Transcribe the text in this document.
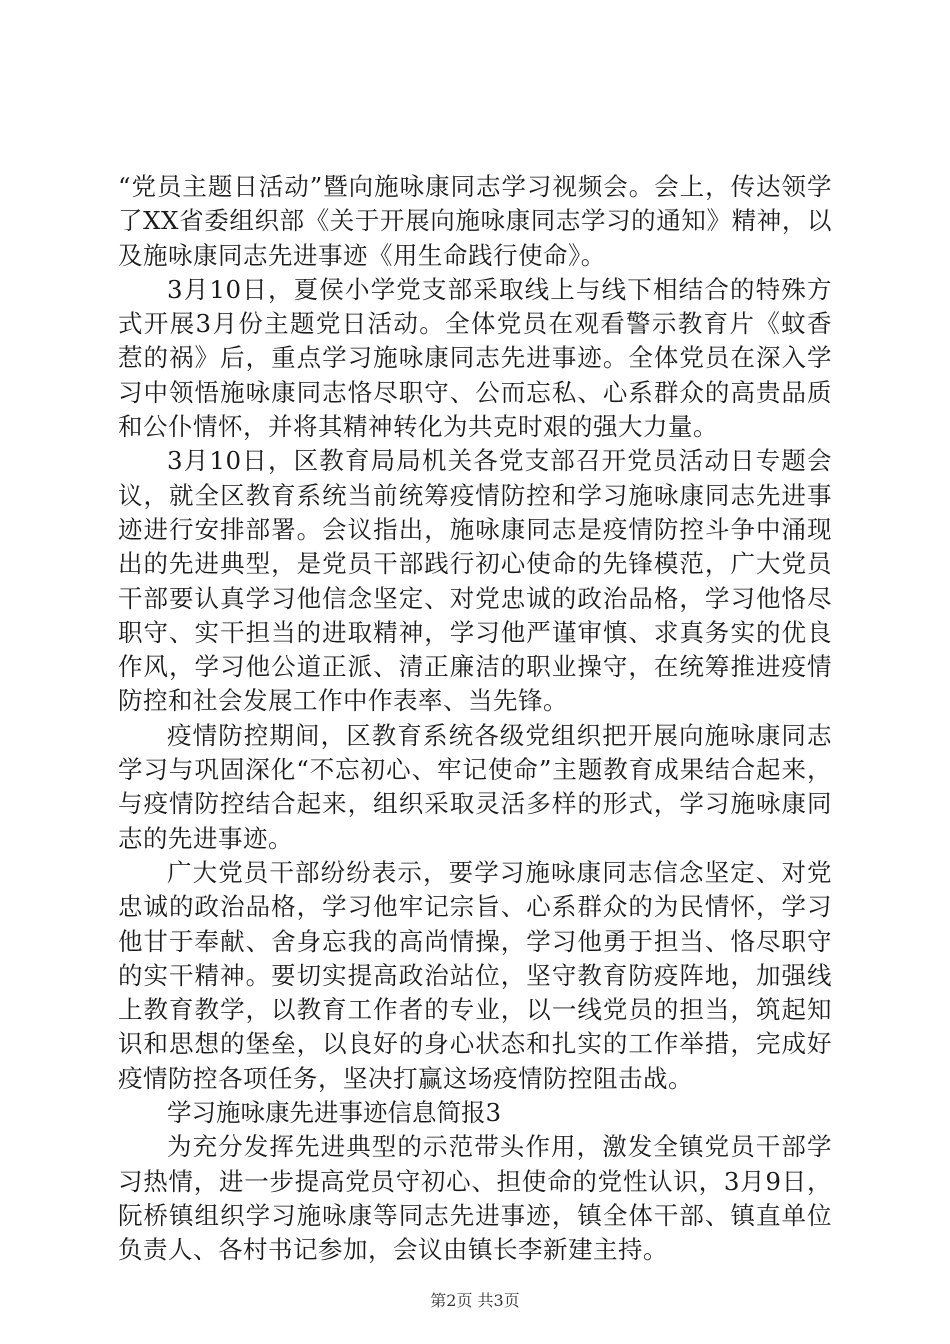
“党员主题日活动”暨向施咏康同志学习视频会。会上，传达领学了XX省委组织部《关于开展向施咏康同志学习的通知》精神，以及施咏康同志先进事迹《用生命践行使命》。

3月10日，夏侯小学党支部采取线上与线下相结合的特殊方式开展3月份主题党日活动。全体党员在观看警示教育片《蚊香惹的祸》后，重点学习施咏康同志先进事迹。全体党员在深入学习中领悟施咏康同志恪尽职守、公而忘私、心系群众的高贵品质和公仆情怀，并将其精神转化为共克时艰的强大力量。

3月10日，区教育局局机关各党支部召开党员活动日专题会议，就全区教育系统当前统筹疫情防控和学习施咏康同志先进事迹进行安排部署。会议指出，施咏康同志是疫情防控斗争中涌现出的先进典型，是党员干部践行初心使命的先锋模范，广大党员干部要认真学习他信念坚定、对党忠诚的政治品格，学习他恪尽职守、实干担当的进取精神，学习他严谨审慎、求真务实的优良作风，学习他公道正派、清正廉洁的职业操守，在统筹推进疫情防控和社会发展工作中作表率、当先锋。

疫情防控期间，区教育系统各级党组织把开展向施咏康同志学习与巩固深化“不忘初心、牢记使命”主题教育成果结合起来，与疫情防控结合起来，组织采取灵活多样的形式，学习施咏康同志的先进事迹。

广大党员干部纷纷表示，要学习施咏康同志信念坚定、对党忠诚的政治品格，学习他牢记宗旨、心系群众的为民情怀，学习他甘于奉献、舍身忘我的高尚情操，学习他勇于担当、恪尽职守的实干精神。要切实提高政治站位，坚守教育防疫阵地，加强线上教育教学，以教育工作者的专业，以一线党员的担当，筑起知识和思想的堡垒，以良好的身心状态和扎实的工作举措，完成好疫情防控各项任务，坚决打赢这场疫情防控阻击战。

学习施咏康先进事迹信息简报3

为充分发挥先进典型的示范带头作用，激发全镇党员干部学习热情，进一步提高党员守初心、担使命的党性认识，3月9日，阮桥镇组织学习施咏康等同志先进事迹，镇全体干部、镇直单位负责人、各村书记参加，会议由镇长李新建主持。

第2页 共3页
